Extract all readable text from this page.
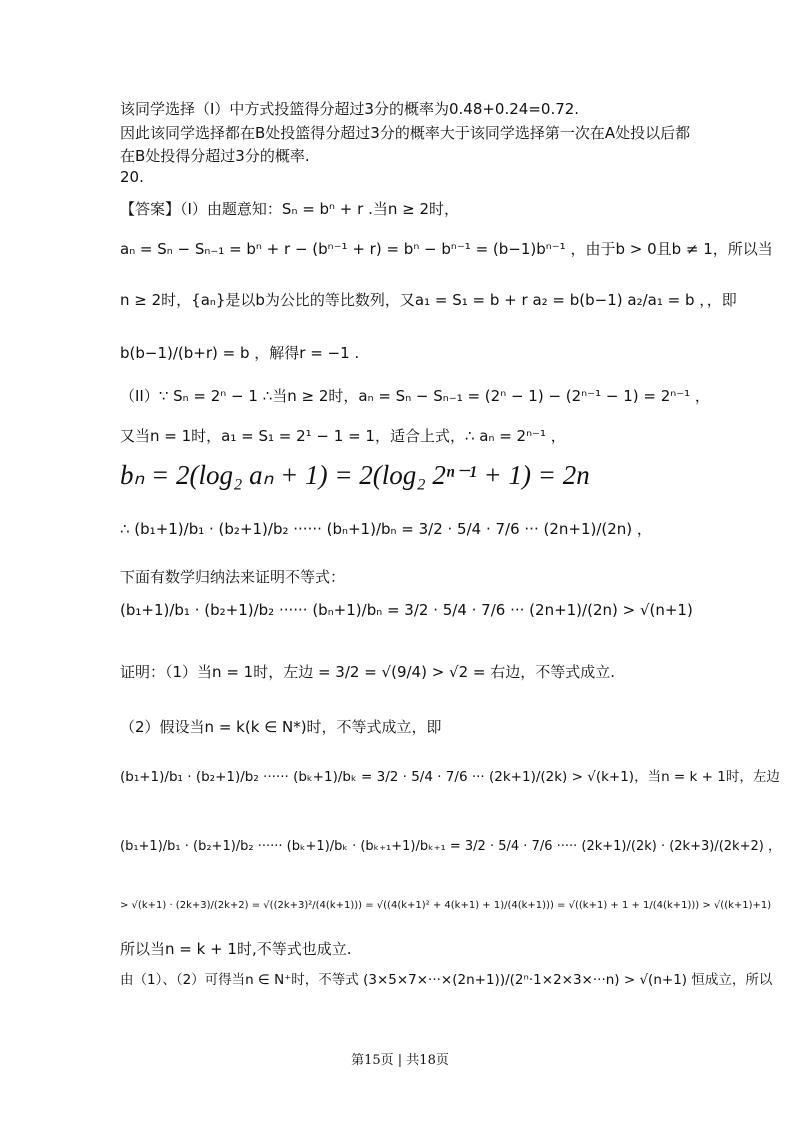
该同学选择（I）中方式投篮得分超过3分的概率为0.48+0.24=0.72.
因此该同学选择都在B处投篮得分超过3分的概率大于该同学选择第一次在A处投以后都
在B处投得分超过3分的概率.
20.
【答案】（I）由题意知：Sₙ = bⁿ + r .当n ≥ 2时，
aₙ = Sₙ − Sₙ₋₁ = bⁿ + r − (bⁿ⁻¹ + r) = bⁿ − bⁿ⁻¹ = (b−1)bⁿ⁻¹ ，由于b > 0且b ≠ 1，所以当
n ≥ 2时，{aₙ}是以b为公比的等比数列，又a₁ = S₁ = b + r a₂ = b(b−1) a₂/a₁ = b ，，即
b(b−1)/(b+r) = b ，解得r = −1 .
（II）∵ Sₙ = 2ⁿ − 1 ∴当n ≥ 2时，aₙ = Sₙ − Sₙ₋₁ = (2ⁿ − 1) − (2ⁿ⁻¹ − 1) = 2ⁿ⁻¹ ，
又当n = 1时，a₁ = S₁ = 2¹ − 1 = 1，适合上式，∴ aₙ = 2ⁿ⁻¹ ，
bₙ = 2(log₂ aₙ + 1) = 2(log₂ 2ⁿ⁻¹ + 1) = 2n
∴ (b₁+1)/b₁ · (b₂+1)/b₂ ······ (bₙ+1)/bₙ = 3/2 · 5/4 · 7/6 ··· (2n+1)/(2n) ，
下面有数学归纳法来证明不等式：
(b₁+1)/b₁ · (b₂+1)/b₂ ······ (bₙ+1)/bₙ = 3/2 · 5/4 · 7/6 ··· (2n+1)/(2n) > √(n+1)
证明：（1）当n = 1时，左边 = 3/2 = √(9/4) > √2 = 右边，不等式成立.
（2）假设当n = k(k ∈ N*)时，不等式成立，即
(b₁+1)/b₁ · (b₂+1)/b₂ ······ (bₖ+1)/bₖ = 3/2 · 5/4 · 7/6 ··· (2k+1)/(2k) > √(k+1)，当n = k + 1时，左边
(b₁+1)/b₁ · (b₂+1)/b₂ ······ (bₖ+1)/bₖ · (bₖ₊₁+1)/bₖ₊₁ = 3/2 · 5/4 · 7/6 ····· (2k+1)/(2k) · (2k+3)/(2k+2) ，
> √(k+1) · (2k+3)/(2k+2) = √((2k+3)²/(4(k+1))) = √((4(k+1)² + 4(k+1) + 1)/(4(k+1))) = √((k+1) + 1 + 1/(4(k+1))) > √((k+1)+1)
所以当n = k + 1时,不等式也成立.
由（1）、（2）可得当n ∈ N⁺时，不等式 (3×5×7×···×(2n+1))/(2ⁿ·1×2×3×···n) > √(n+1) 恒成立，所以
第15页 | 共18页
